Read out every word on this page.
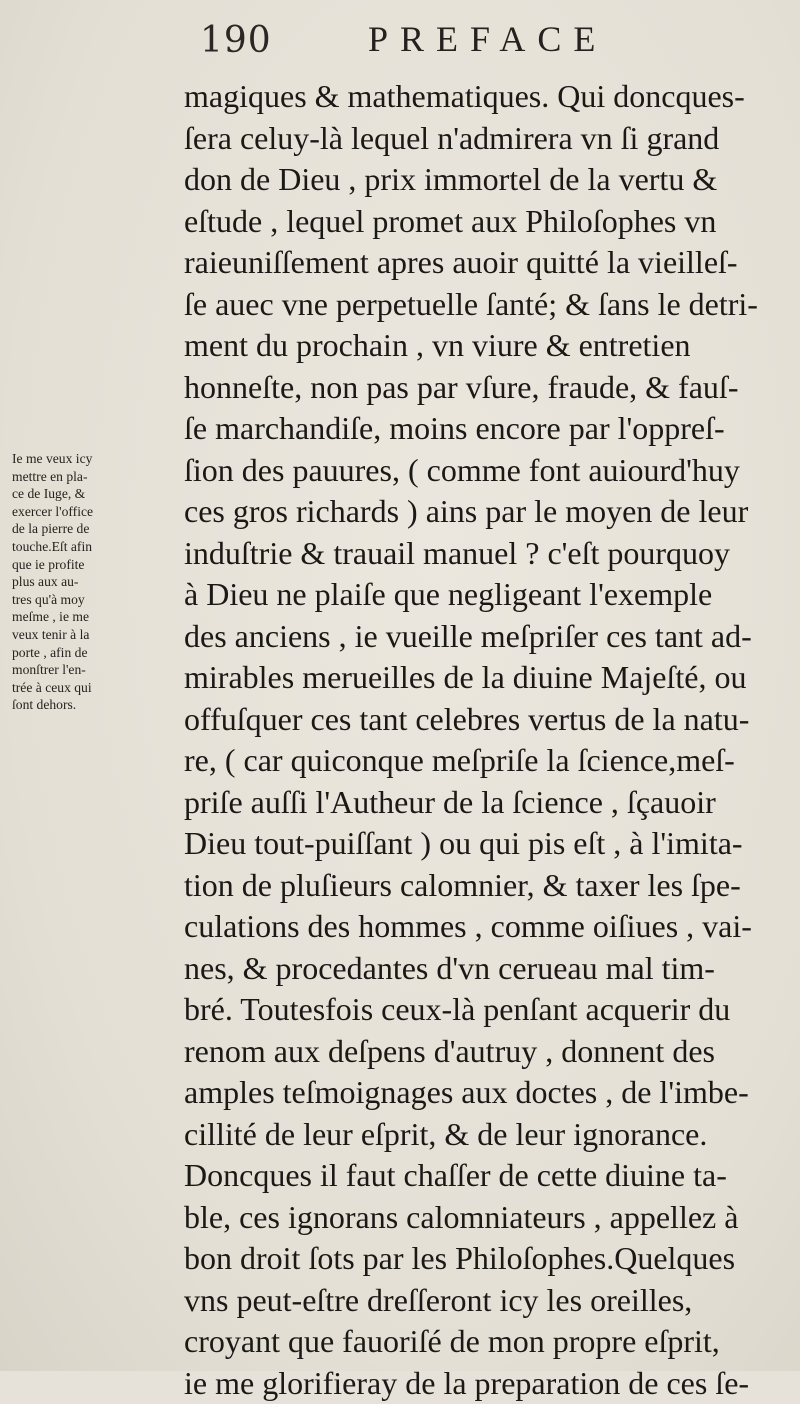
190	PREFACE
magiques & mathematiques. Qui doncques-
ſera celuy-là lequel n'admirera vn ſi grand
don de Dieu , prix immortel de la vertu &
eſtude , lequel promet aux Philoſophes vn
raieuniſſement apres auoir quitté la vieilleſ-
ſe auec vne perpetuelle ſanté; & ſans le detri-
ment du prochain , vn viure & entretien
honneſte, non pas par vſure, fraude, & fauſ-
ſe marchandiſe, moins encore par l'oppreſ-
ſion des pauures, ( comme font auiourd'huy
ces gros richards ) ains par le moyen de leur
induſtrie & trauail manuel ? c'eſt pourquoy
à Dieu ne plaiſe que negligeant l'exemple
des anciens , ie vueille meſpriſer ces tant ad-
mirables merueilles de la diuine Majeſté, ou
offuſquer ces tant celebres vertus de la natu-
re, ( car quiconque meſpriſe la ſcience,meſ-
priſe auſſi l'Autheur de la ſcience , ſçauoir
Dieu tout-puiſſant ) ou qui pis eſt , à l'imita-
tion de pluſieurs calomnier, & taxer les ſpe-
culations des hommes , comme oiſiues , vai-
nes, & procedantes d'vn cerueau mal tim-
bré. Toutesfois ceux-là penſant acquerir du
renom aux deſpens d'autruy , donnent des
amples teſmoignages aux doctes , de l'imbe-
cillité de leur eſprit, & de leur ignorance.
Doncques il faut chaſſer de cette diuine ta-
ble, ces ignorans calomniateurs , appellez à
bon droit ſots par les Philoſophes.Quelques
vns peut-eſtre dreſſeront icy les oreilles,
croyant que fauoriſé de mon propre eſprit,
ie me glorifieray de la preparation de ces ſe-
Ie me veux icy
mettre en pla-
ce de Iuge, &
exercer l'office
de la pierre de
touche.Eſt afin
que ie profite
plus aux au-
tres qu'à moy
meſme , ie me
veux tenir à la
porte , afin de
monſtrer l'en-
trée à ceux qui
ſont dehors.
